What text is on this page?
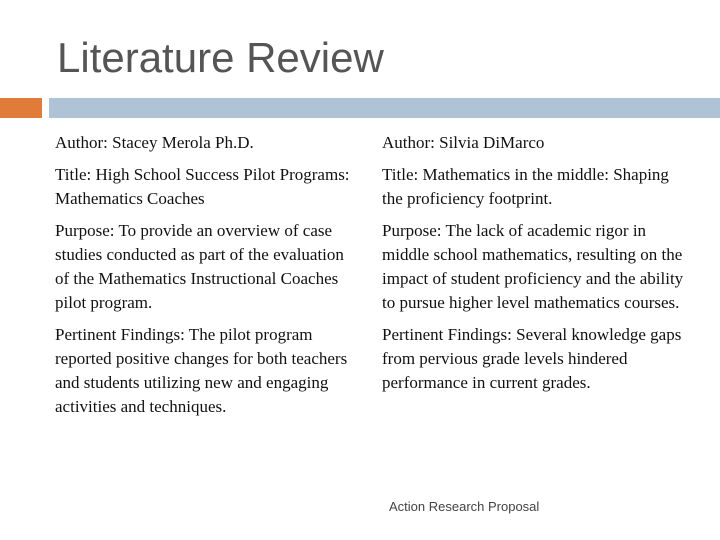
Literature Review

Author: Stacey Merola Ph.D.

Title: High School Success Pilot Programs: Mathematics Coaches

Purpose: To provide an overview of case studies conducted as part of the evaluation of the Mathematics Instructional Coaches pilot program.

Pertinent Findings: The pilot program reported positive changes for both teachers and students utilizing new and engaging activities and techniques.

Author: Silvia DiMarco

Title: Mathematics in the middle: Shaping the proficiency footprint.

Purpose: The lack of academic rigor in middle school mathematics, resulting on the impact of student proficiency and the ability to pursue higher level mathematics courses.

Pertinent Findings: Several knowledge gaps from pervious grade levels hindered performance in current grades.

Action Research Proposal
